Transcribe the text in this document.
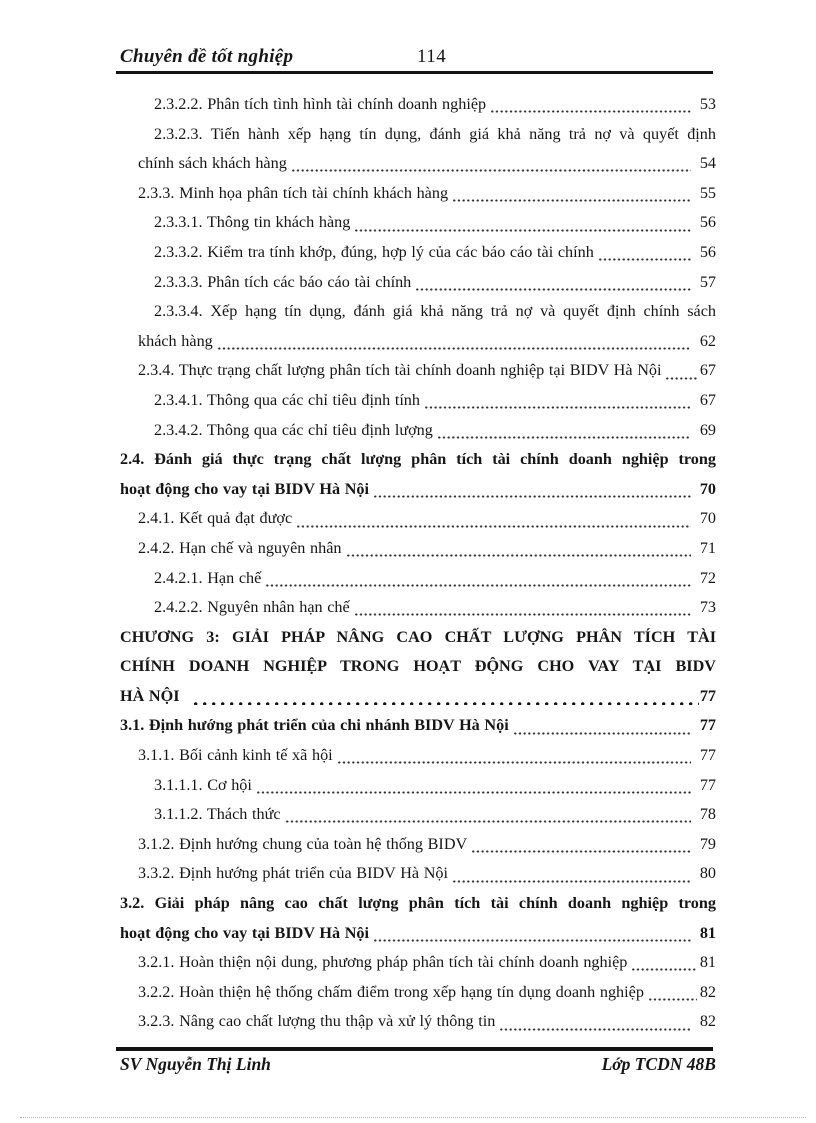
Chuyên đề tốt nghiệp	114
2.3.2.2. Phân tích tình hình tài chính doanh nghiệp	53
2.3.2.3. Tiến hành xếp hạng tín dụng, đánh giá khả năng trả nợ và quyết định
chính sách khách hàng	54
2.3.3. Minh họa phân tích tài chính khách hàng	55
2.3.3.1. Thông tin khách hàng	56
2.3.3.2. Kiểm tra tính khớp, đúng, hợp lý của các báo cáo tài chính	56
2.3.3.3. Phân tích các báo cáo tài chính	57
2.3.3.4. Xếp hạng tín dụng, đánh giá khả năng trả nợ và quyết định chính sách
khách hàng	62
2.3.4. Thực trạng chất lượng phân tích tài chính doanh nghiệp tại BIDV Hà Nội 67
2.3.4.1. Thông qua các chỉ tiêu định tính	67
2.3.4.2. Thông qua các chỉ tiêu định lượng	69
2.4. Đánh giá thực trạng chất lượng phân tích tài chính doanh nghiệp trong
hoạt động cho vay tại BIDV Hà Nội	70
2.4.1. Kết quả đạt được	70
2.4.2. Hạn chế và nguyên nhân	71
2.4.2.1. Hạn chế	72
2.4.2.2. Nguyên nhân hạn chế	73
CHƯƠNG 3: GIẢI PHÁP NÂNG CAO CHẤT LƯỢNG PHÂN TÍCH TÀI
CHÍNH DOANH NGHIỆP TRONG HOẠT ĐỘNG CHO VAY TẠI BIDV
HÀ NỘI	77
3.1. Định hướng phát triển của chi nhánh BIDV Hà Nội	77
3.1.1. Bối cảnh kinh tế xã hội	77
3.1.1.1. Cơ hội	77
3.1.1.2. Thách thức	78
3.1.2. Định hướng chung của toàn hệ thống BIDV	79
3.3.2. Định hướng phát triển của BIDV Hà Nội	80
3.2. Giải pháp nâng cao chất lượng phân tích tài chính doanh nghiệp trong
hoạt động cho vay tại BIDV Hà Nội	81
3.2.1. Hoàn thiện nội dung, phương pháp phân tích tài chính doanh nghiệp	81
3.2.2. Hoàn thiện hệ thống chấm điểm trong xếp hạng tín dụng doanh nghiệp	82
3.2.3. Nâng cao chất lượng thu thập và xử lý thông tin	82
SV Nguyễn Thị Linh	Lớp TCDN 48B
